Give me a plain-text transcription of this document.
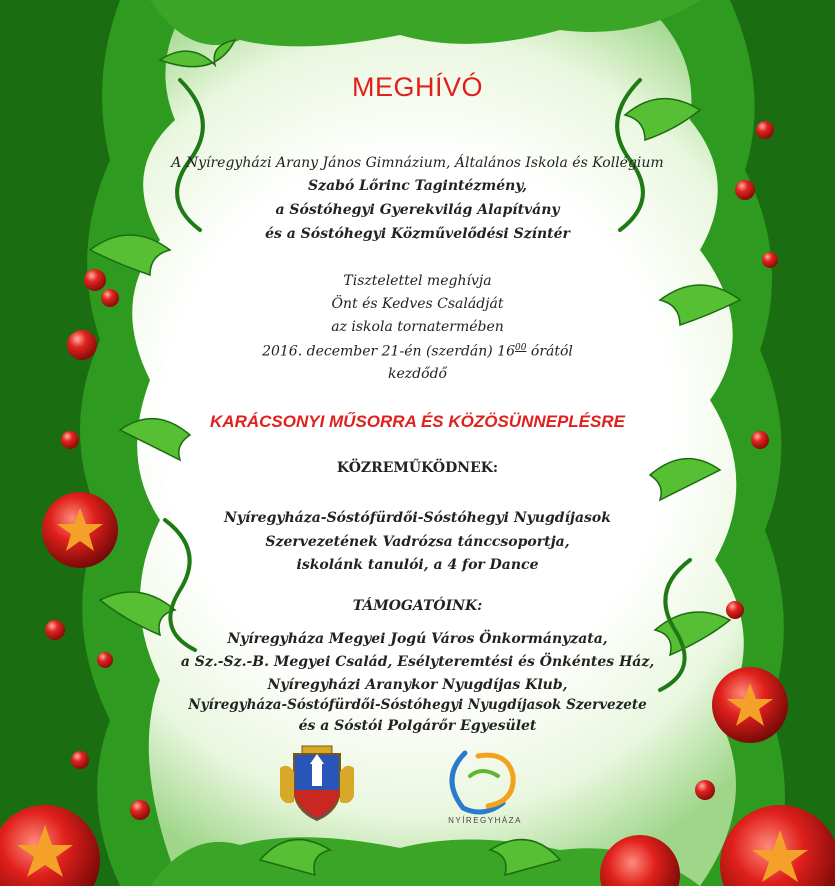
MEGHÍVÓ
A Nyíregyházi Arany János Gimnázium, Általános Iskola és Kollégium
Szabó Lőrinc Tagintézmény,
a Sóstóhegyi Gyerekvilág Alapítvány
és a Sóstóhegyi Közművelődési Színtér
Tisztelettel meghívja
Önt és Kedves Családját
az iskola tornatermében
2016. december 21-én (szerdán) $16^{00}$ órától
kezdődő
KARÁCSONYI MŰSORRA ÉS KÖZÖSÜNNEPLÉSRE
KÖZREMŰKÖDNEK:
Nyíregyháza-Sóstófürdői-Sóstóhegyi Nyugdíjasok
Szervezetének Vadrózsa tánccsoportja,
iskolánk tanulói, a 4 for Dance
TÁMOGATÓINK:
Nyíregyháza Megyei Jogú Város Önkormányzata,
a Sz.-Sz.-B. Megyei Család, Esélyteremtési és Önkéntes Ház,
Nyíregyházi Aranykor Nyugdíjas Klub,
Nyíregyháza-Sóstófürdői-Sóstóhegyi Nyugdíjasok Szervezete
és a Sóstói Polgárőr Egyesület
NYÍREGYHÁZA
